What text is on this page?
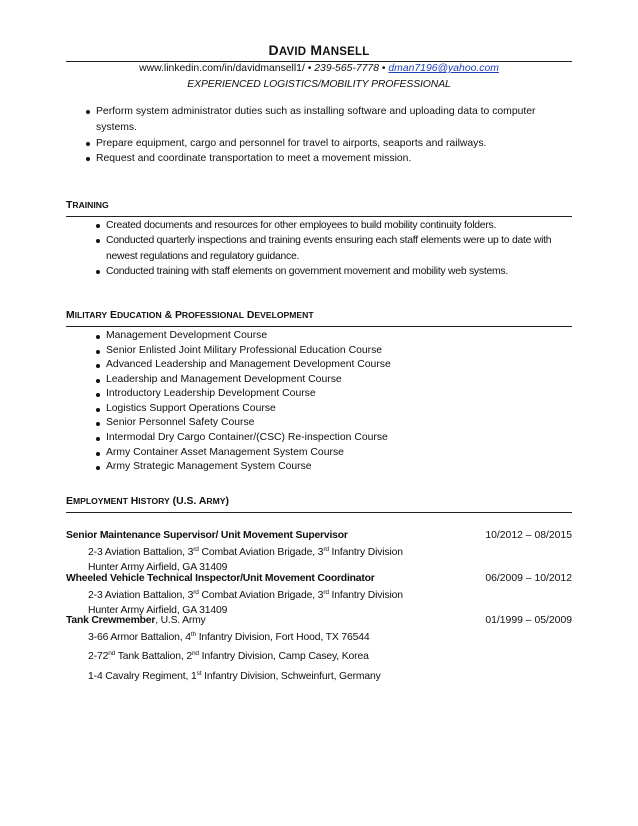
DAVID MANSELL
www.linkedin.com/in/davidmansell1/ • 239-565-7778 • dman7196@yahoo.com
EXPERIENCED LOGISTICS/MOBILITY PROFESSIONAL
Perform system administrator duties such as installing software and uploading data to computer systems.
Prepare equipment, cargo and personnel for travel to airports, seaports and railways.
Request and coordinate transportation to meet a movement mission.
TRAINING
Created documents and resources for other employees to build mobility continuity folders.
Conducted quarterly inspections and training events ensuring each staff elements were up to date with newest regulations and regulatory guidance.
Conducted training with staff elements on government movement and mobility web systems.
MILITARY EDUCATION & PROFESSIONAL DEVELOPMENT
Management Development Course
Senior Enlisted Joint Military Professional Education Course
Advanced Leadership and Management Development Course
Leadership and Management Development Course
Introductory Leadership Development Course
Logistics Support Operations Course
Senior Personnel Safety Course
Intermodal Dry Cargo Container/(CSC) Re-inspection Course
Army Container Asset Management System Course
Army Strategic Management System Course
EMPLOYMENT HISTORY (U.S. ARMY)
Senior Maintenance Supervisor/ Unit Movement Supervisor	10/2012 – 08/2015
2-3 Aviation Battalion, 3rd Combat Aviation Brigade, 3rd Infantry Division
Hunter Army Airfield, GA 31409
Wheeled Vehicle Technical Inspector/Unit Movement Coordinator	06/2009 – 10/2012
2-3 Aviation Battalion, 3rd Combat Aviation Brigade, 3rd Infantry Division
Hunter Army Airfield, GA 31409
Tank Crewmember, U.S. Army	01/1999 – 05/2009
3-66 Armor Battalion, 4th Infantry Division, Fort Hood, TX 76544
2-72nd Tank Battalion, 2nd Infantry Division, Camp Casey, Korea
1-4 Cavalry Regiment, 1st Infantry Division, Schweinfurt, Germany
